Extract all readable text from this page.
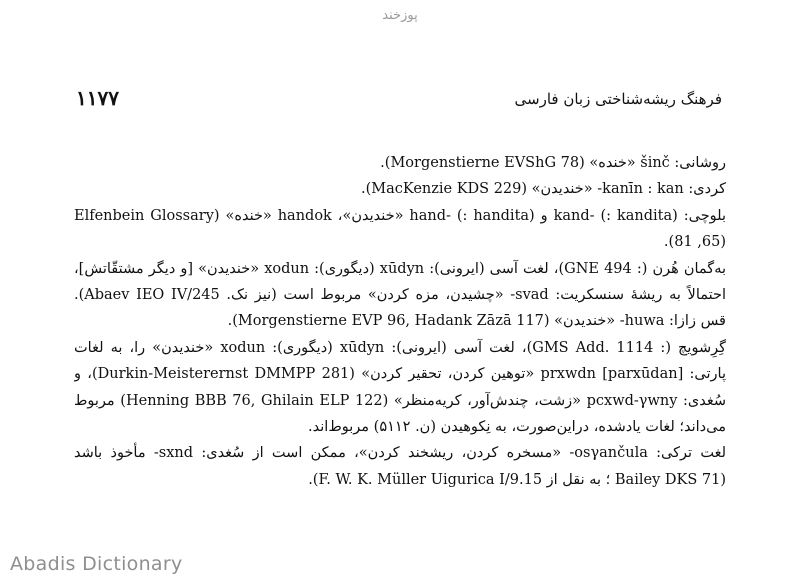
پوزخند
۱۱۷۷	فرهنگ ریشه‌شناختی زبان فارسی
روشانی: šinč «خنده» (Morgenstierne EVShG 78).
کردی: kanīn : kan- «خندیدن» (MacKenzie KDS 229).
بلوچی: kand- (: kandita) و hand- (: handita) «خندیدن»، handok «خنده» (Elfenbein Glossary
(65, 81).
به‌گمان هُرن (: GNE 494)، لغت آسی (ایرونی): xūdyn (دیگوری): xodun «خندیدن» [و دیگر مشتقّاتش]،
احتمالاً به ریشهٔ سنسکریت: svad- «چشیدن، مزه کردن» مربوط است (نیز نک. Abaev IEO IV/245).
قس زازا: huwa- «خندیدن» (Morgenstierne EVP 96, Hadank Zāzā 117).
گِرِشویچ (: GMS Add. 1114)، لغت آسی (ایرونی): xūdyn (دیگوری): xodun «خندیدن» را، به لغات
پارتی: prxwdn [parxūdan] «توهین کردن، تحقیر کردن» (Durkin-Meisterernst DMMPP 281)، و
سُغدی: pcxwd-γwny «زشت، چندش‌آور، کریه‌منظر» (Henning BBB 76, Ghilain ELP 122) مربوط
می‌داند؛ لغات یادشده، دراین‌صورت، به نِکوهیدن (ن. ۵۱۱۲) مربوط‌اند.
لغت ترکی: osγančula- «مسخره کردن، ریشخند کردن»، ممکن است از سُغدی: sxnd- مأخوذ باشد
(Bailey DKS 71 ؛ به نقل از F. W. K. Müller Uigurica I/9.15).
Abadis Dictionary
